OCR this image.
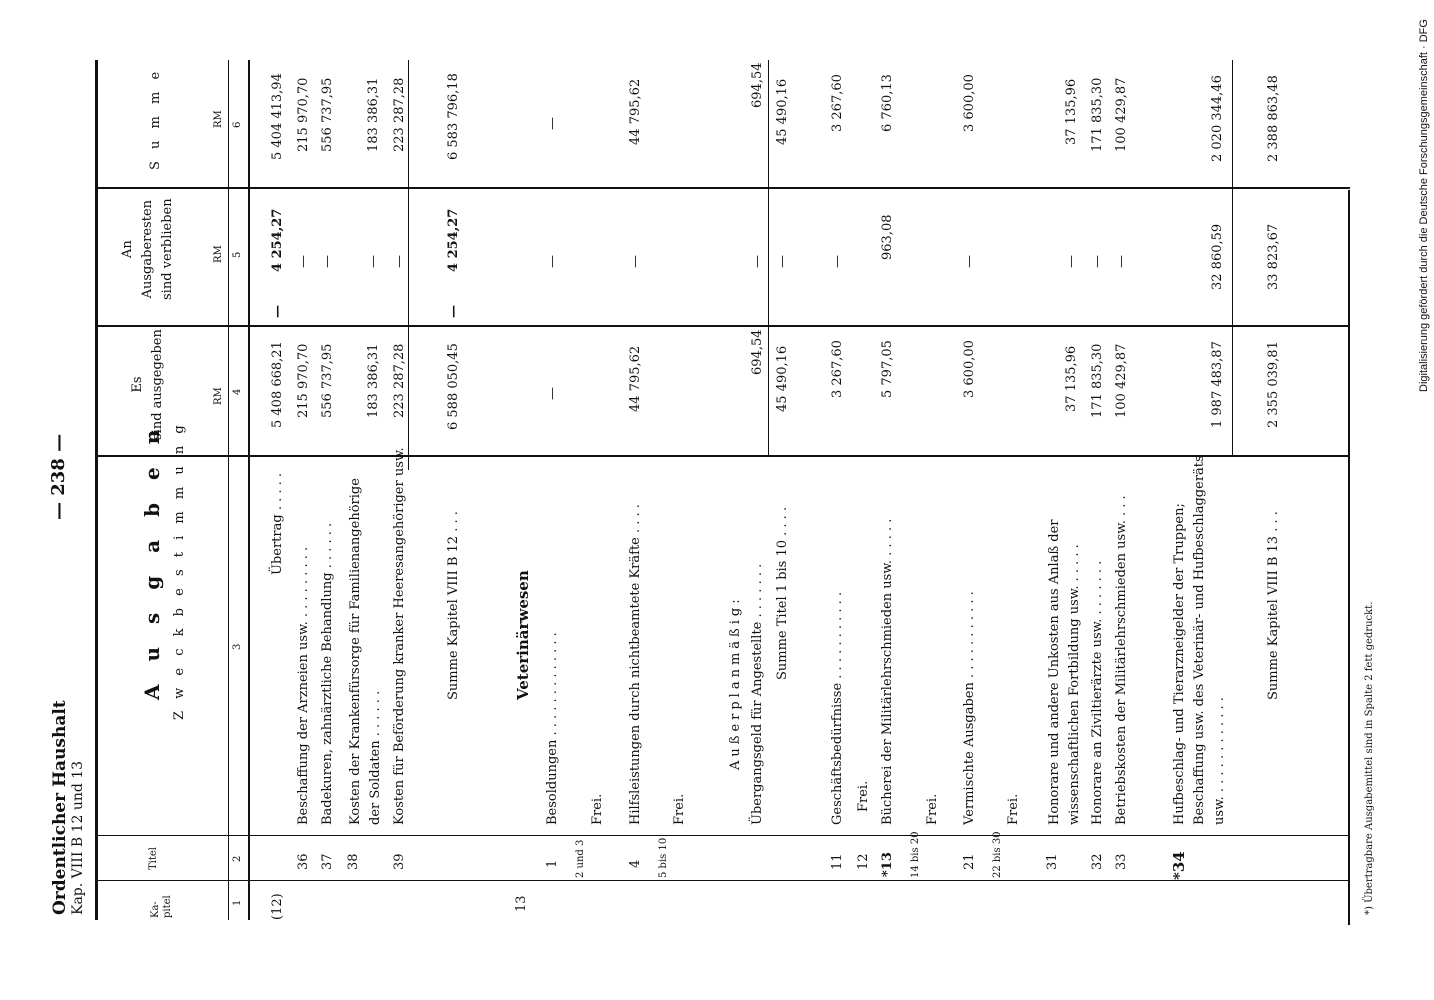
Ordentlicher Haushalt Kap. VIII B 12 und 13
— 238 —
Digitalisierung gefördert durch die Deutsche Forschungsgemeinschaft · DFG
Ka-
pitel
Titel
A u s g a b e n Z w e c k b e s t i m m u n g
Es
sind ausgegeben
An
Ausgaberesten
sind verblieben
S u m m e
RM
RM
RM
1
2
3
4
5
6
(12)
Übertrag . . . . .
5 408 668,21
4 254,27
—
5 404 413,94
36
Beschaffung der Arzneien usw. . . . . . . . . .
215 970,70
—
215 970,70
37
Badekuren, zahnärztliche Behandlung . . . . . .
556 737,95
—
556 737,95
38
Kosten der Krankenfürsorge für Familienangehörige der Soldaten . . . . . .
183 386,31
—
183 386,31
39
Kosten für Beförderung kranker Heeresangehöriger usw.
223 287,28
—
223 287,28
Summe Kapitel VIII B 12 . . .
6 588 050,45
4 254,27
—
6 583 796,18
13
Veterinärwesen
1
Besoldungen . . . . . . . . . . . . .
—
—
—
2 und 3
Frei.
4
Hilfsleistungen durch nichtbeamtete Kräfte . . . .
44 795,62
—
44 795,62
5 bis 10
Frei.
Außerplanmäßig: Übergangsgeld für Angestellte . . . . . . .
694,54
—
694,54
Summe Titel 1 bis 10 . . . .
45 490,16
—
45 490,16
11
Geschäftsbedürfnisse . . . . . . . . . . .
3 267,60
—
3 267,60
12
Frei.
*13
Bücherei der Militärlehrschmieden usw. . . . . .
5 797,05
963,08
6 760,13
14 bis 20
Frei.
21
Vermischte Ausgaben . . . . . . . . . . .
3 600,00
—
3 600,00
22 bis 30
Frei.
31
Honorare und andere Unkosten aus Anlaß der wissenschaftlichen Fortbildung usw. . . . . .
37 135,96
—
37 135,96
32
Honorare an Ziviltierärzte usw. . . . . . . .
171 835,30
—
171 835,30
33
Betriebskosten der Militärlehrschmieden usw. . . .
100 429,87
—
100 429,87
*34
Hufbeschlag- und Tierarzneigelder der Truppen; Beschaffung usw. des Veterinär- und Hufbeschlaggeräts usw. . . . . . . . . . . . .
1 987 483,87
32 860,59
2 020 344,46
Summe Kapitel VIII B 13 . . .
2 355 039,81
33 823,67
2 388 863,48
*) Übertragbare Ausgabemittel sind in Spalte 2 fett gedruckt.
